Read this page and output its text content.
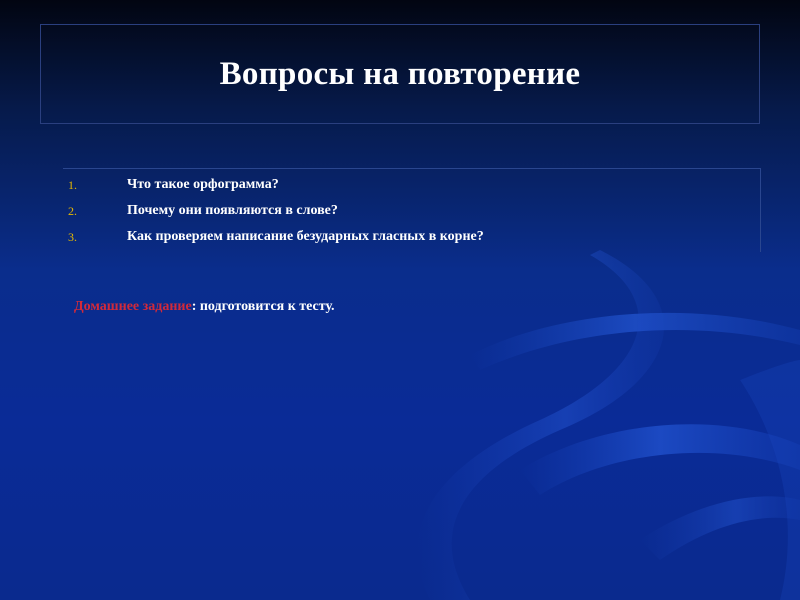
Вопросы на повторение
1.	Что такое орфограмма?
2.	Почему они появляются в слове?
3.	Как проверяем написание безударных гласных в корне?
Домашнее задание: подготовится к тесту.
